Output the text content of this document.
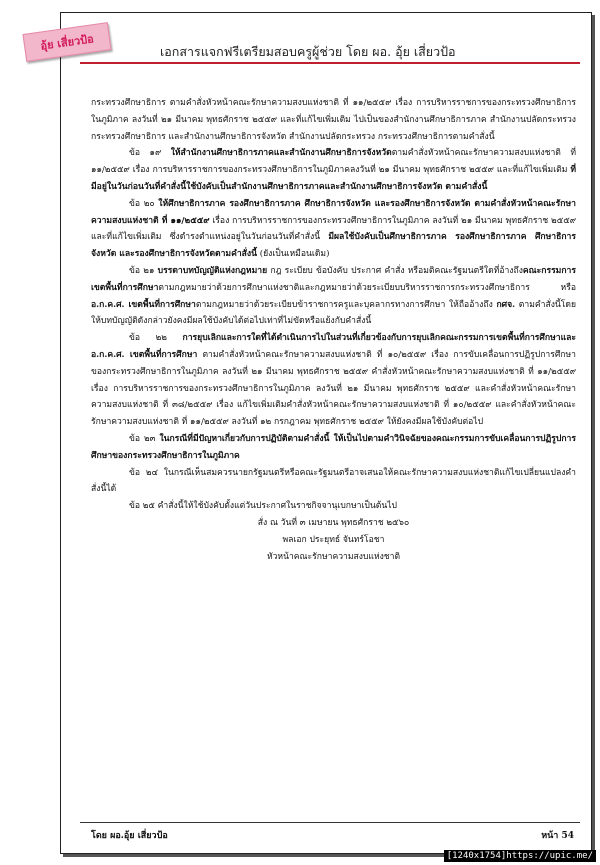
อุ้ย เสี่ยวป้อ	เอกสารแจกฟรีเตรียมสอบครูผู้ช่วย โดย ผอ. อุ้ย เสี่ยวป้อ

กระทรวงศึกษาธิการ ตามคำสั่งหัวหน้าคณะรักษาความสงบแห่งชาติ ที่ ๑๑/๒๕๕๙ เรื่อง การบริหารราชการของกระทรวงศึกษาธิการในภูมิภาค ลงวันที่ ๒๑ มีนาคม พุทธศักราช ๒๕๕๙ และที่แก้ไขเพิ่มเติม ไปเป็นของสำนักงานศึกษาธิการภาค สำนักงานปลัดกระทรวง กระทรวงศึกษาธิการ และสำนักงานศึกษาธิการจังหวัด สำนักงานปลัดกระทรวง กระทรวงศึกษาธิการตามคำสั่งนี้

ข้อ ๑๙ ให้สำนักงานศึกษาธิการภาคและสำนักงานศึกษาธิการจังหวัดตามคำสั่งหัวหน้าคณะรักษาความสงบแห่งชาติ ที่ ๑๑/๒๕๕๙ เรื่อง การบริหารราชการของกระทรวงศึกษาธิการในภูมิภาคลงวันที่ ๒๑ มีนาคม พุทธศักราช ๒๕๕๙ และที่แก้ไขเพิ่มเติม ที่มีอยู่ในวันก่อนวันที่คำสั่งนี้ใช้บังคับเป็นสำนักงานศึกษาธิการภาคและสำนักงานศึกษาธิการจังหวัด ตามคำสั่งนี้

ข้อ ๒๐ ให้ศึกษาธิการภาค รองศึกษาธิการภาค ศึกษาธิการจังหวัด และรองศึกษาธิการจังหวัด ตามคำสั่งหัวหน้าคณะรักษาความสงบแห่งชาติ ที่ ๑๑/๒๕๕๙ เรื่อง การบริหารราชการของกระทรวงศึกษาธิการในภูมิภาค ลงวันที่ ๒๑ มีนาคม พุทธศักราช ๒๕๕๙ และที่แก้ไขเพิ่มเติม ซึ่งดำรงตำแหน่งอยู่ในวันก่อนวันที่คำสั่งนี้ มีผลใช้บังคับเป็นศึกษาธิการภาค รองศึกษาธิการภาค ศึกษาธิการจังหวัด และรองศึกษาธิการจังหวัดตามคำสั่งนี้ (ยังเป็นเหมือนเดิม)

ข้อ ๒๑ บรรดาบทบัญญัติแห่งกฎหมาย กฎ ระเบียบ ข้อบังคับ ประกาศ คำสั่ง หรือมติคณะรัฐมนตรีใดที่อ้างถึงคณะกรรมการเขตพื้นที่การศึกษาตามกฎหมายว่าด้วยการศึกษาแห่งชาติและกฎหมายว่าด้วยระเบียบบริหารราชการกระทรวงศึกษาธิการ หรือ อ.ก.ค.ศ. เขตพื้นที่การศึกษาตามกฎหมายว่าด้วยระเบียบข้าราชการครูและบุคลากรทางการศึกษา ให้ถืออ้างถึง กศจ. ตามคำสั่งนี้โดยให้บทบัญญัติดังกล่าวยังคงมีผลใช้บังคับได้ต่อไปเท่าที่ไม่ขัดหรือแย้งกับคำสั่งนี้

ข้อ ๒๒ การยุบเลิกและการใดที่ได้ดำเนินการไปในส่วนที่เกี่ยวข้องกับการยุบเลิกคณะกรรมการเขตพื้นที่การศึกษาและ อ.ก.ค.ศ. เขตพื้นที่การศึกษา ตามคำสั่งหัวหน้าคณะรักษาความสงบแห่งชาติ ที่ ๑๐/๒๕๕๙ เรื่อง การขับเคลื่อนการปฏิรูปการศึกษาของกระทรวงศึกษาธิการในภูมิภาค ลงวันที่ ๒๑ มีนาคม พุทธศักราช ๒๕๕๙ คำสั่งหัวหน้าคณะรักษาความสงบแห่งชาติ ที่ ๑๑/๒๕๕๙ เรื่อง การบริหารราชการของกระทรวงศึกษาธิการในภูมิภาค ลงวันที่ ๒๑ มีนาคม พุทธศักราช ๒๕๕๙ และคำสั่งหัวหน้าคณะรักษาความสงบแห่งชาติ ที่ ๓๘/๒๕๕๙ เรื่อง แก้ไขเพิ่มเติมคำสั่งหัวหน้าคณะรักษาความสงบแห่งชาติ ที่ ๑๐/๒๕๕๙ และคำสั่งหัวหน้าคณะรักษาความสงบแห่งชาติ ที่ ๑๑/๒๕๕๙ ลงวันที่ ๑๒ กรกฎาคม พุทธศักราช ๒๕๕๙ ให้ยังคงมีผลใช้บังคับต่อไป

ข้อ ๒๓ ในกรณีที่มีปัญหาเกี่ยวกับการปฏิบัติตามคำสั่งนี้ ให้เป็นไปตามคำวินิจฉัยของคณะกรรมการขับเคลื่อนการปฏิรูปการศึกษาของกระทรวงศึกษาธิการในภูมิภาค

ข้อ ๒๔ ในกรณีเห็นสมควรนายกรัฐมนตรีหรือคณะรัฐมนตรีอาจเสนอให้คณะรักษาความสงบแห่งชาติแก้ไขเปลี่ยนแปลงคำสั่งนี้ได้

ข้อ ๒๕ คำสั่งนี้ให้ใช้บังคับตั้งแต่วันประกาศในราชกิจจานุเบกษาเป็นต้นไป

สั่ง ณ วันที่ ๓ เมษายน พุทธศักราช ๒๕๖๐

พลเอก ประยุทธ์ จันทร์โอชา

หัวหน้าคณะรักษาความสงบแห่งชาติ

โดย ผอ.อุ้ย เสี่ยวป้อ	หน้า 54
[1240x1754]https://upic.me/
